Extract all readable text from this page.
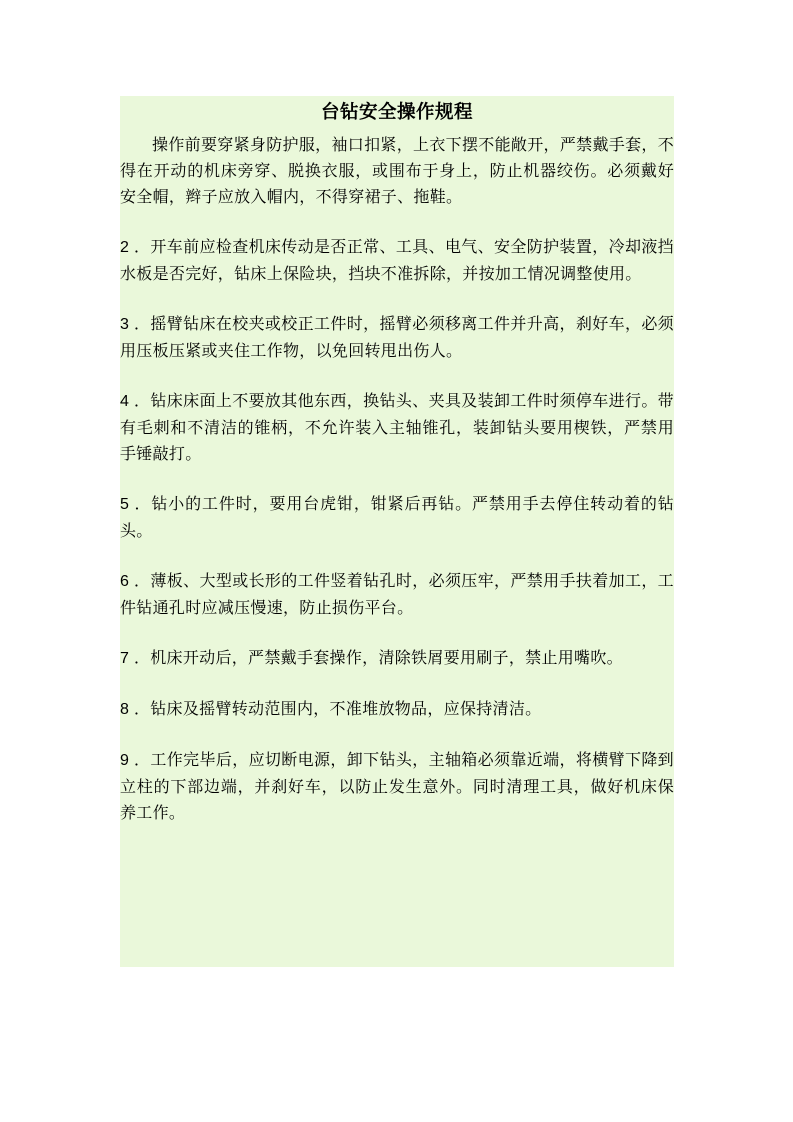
台钻安全操作规程

操作前要穿紧身防护服，袖口扣紧，上衣下摆不能敞开，严禁戴手套，不得在开动的机床旁穿、脱换衣服，或围布于身上，防止机器绞伤。必须戴好安全帽，辫子应放入帽内，不得穿裙子、拖鞋。

2 ．开车前应检查机床传动是否正常、工具、电气、安全防护装置，冷却液挡水板是否完好，钻床上保险块，挡块不准拆除，并按加工情况调整使用。

3 ．摇臂钻床在校夹或校正工件时，摇臂必须移离工件并升高，刹好车，必须用压板压紧或夹住工作物，以免回转甩出伤人。

4 ．钻床床面上不要放其他东西，换钻头、夹具及装卸工件时须停车进行。带有毛刺和不清洁的锥柄，不允许装入主轴锥孔，装卸钻头要用楔铁，严禁用手锤敲打。

5 ．钻小的工件时，要用台虎钳，钳紧后再钻。严禁用手去停住转动着的钻头。

6 ．薄板、大型或长形的工件竖着钻孔时，必须压牢，严禁用手扶着加工，工件钻通孔时应减压慢速，防止损伤平台。

7 ．机床开动后，严禁戴手套操作，清除铁屑要用刷子，禁止用嘴吹。

8 ．钻床及摇臂转动范围内，不准堆放物品，应保持清洁。

9 ．工作完毕后，应切断电源，卸下钻头，主轴箱必须靠近端，将横臂下降到立柱的下部边端，并刹好车，以防止发生意外。同时清理工具，做好机床保养工作。
